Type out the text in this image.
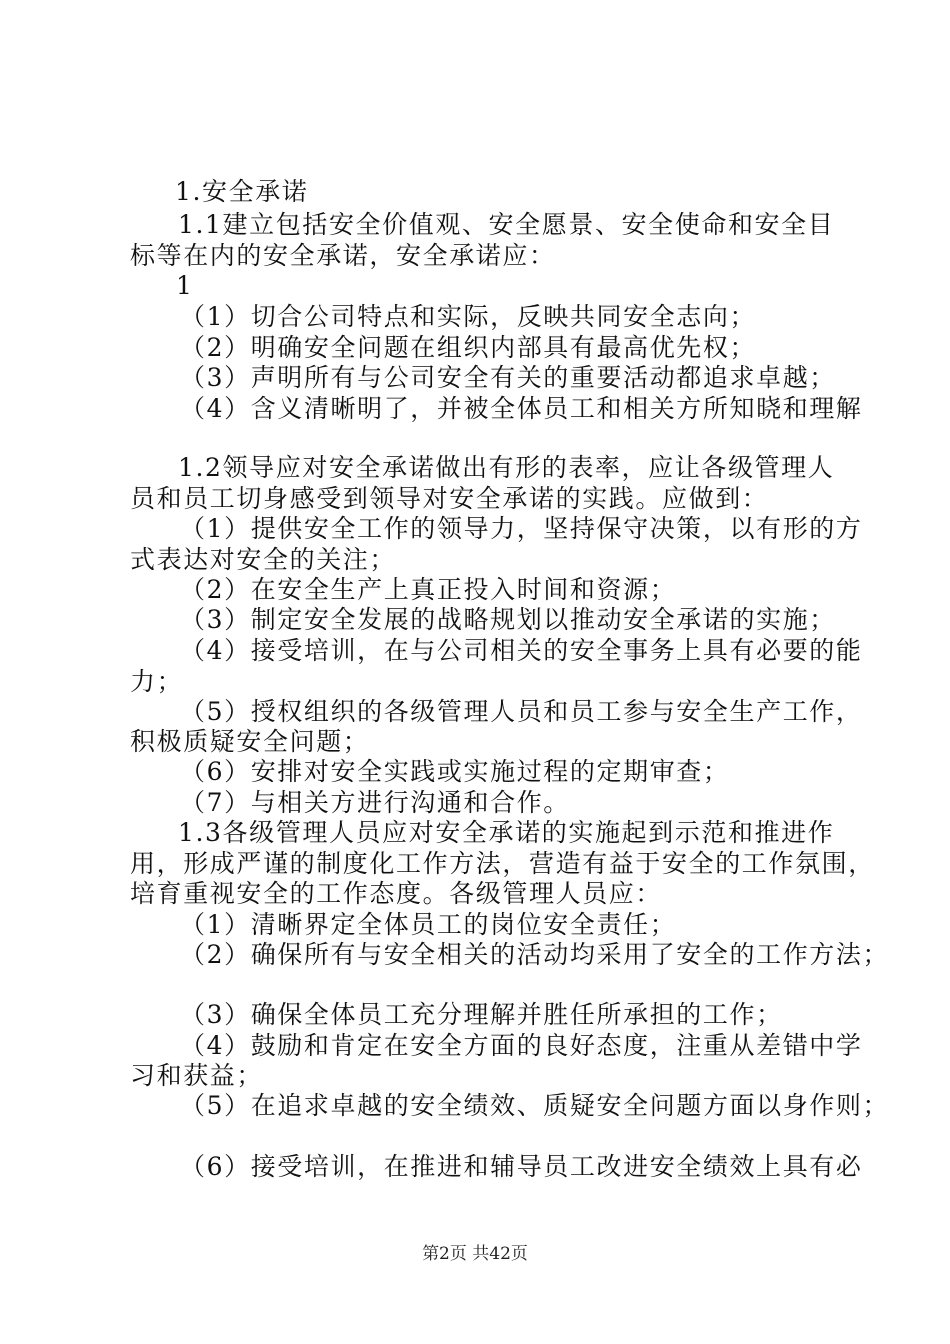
1.安全承诺
1.1建立包括安全价值观、安全愿景、安全使命和安全目
标等在内的安全承诺，安全承诺应：
1
（1）切合公司特点和实际，反映共同安全志向；
（2）明确安全问题在组织内部具有最高优先权；
（3）声明所有与公司安全有关的重要活动都追求卓越；
（4）含义清晰明了，并被全体员工和相关方所知晓和理解
1.2领导应对安全承诺做出有形的表率，应让各级管理人
员和员工切身感受到领导对安全承诺的实践。应做到：
（1）提供安全工作的领导力，坚持保守决策，以有形的方
式表达对安全的关注；
（2）在安全生产上真正投入时间和资源；
（3）制定安全发展的战略规划以推动安全承诺的实施；
（4）接受培训，在与公司相关的安全事务上具有必要的能
力；
（5）授权组织的各级管理人员和员工参与安全生产工作，
积极质疑安全问题；
（6）安排对安全实践或实施过程的定期审查；
（7）与相关方进行沟通和合作。
1.3各级管理人员应对安全承诺的实施起到示范和推进作
用，形成严谨的制度化工作方法，营造有益于安全的工作氛围，
培育重视安全的工作态度。各级管理人员应：
（1）清晰界定全体员工的岗位安全责任；
（2）确保所有与安全相关的活动均采用了安全的工作方法；
（3）确保全体员工充分理解并胜任所承担的工作；
（4）鼓励和肯定在安全方面的良好态度，注重从差错中学
习和获益；
（5）在追求卓越的安全绩效、质疑安全问题方面以身作则；
（6）接受培训，在推进和辅导员工改进安全绩效上具有必
第2页 共42页
